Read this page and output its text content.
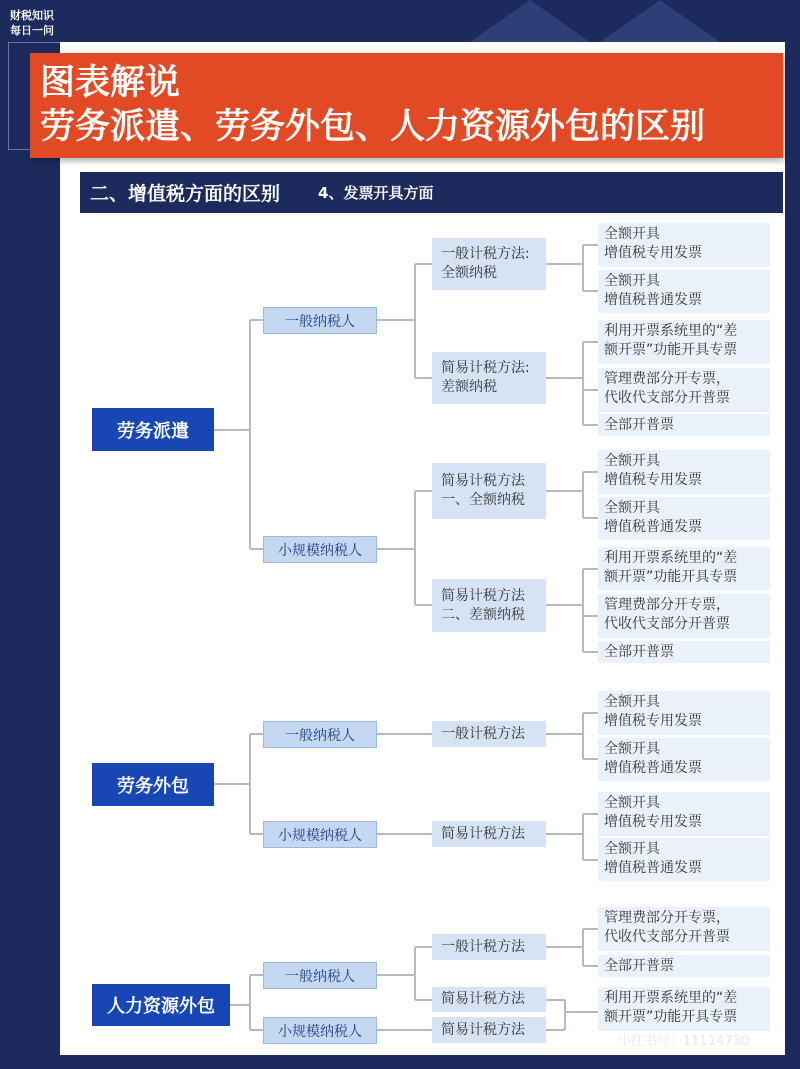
财税知识
每日一问
图表解说
劳务派遣、劳务外包、人力资源外包的区别
二、增值税方面的区别	4、发票开具方面
劳务派遣
一般纳税人
一般计税方法:
全额纳税
全额开具
增值税专用发票
全额开具
增值税普通发票
简易计税方法:
差额纳税
利用开票系统里的“差
额开票”功能开具专票
管理费部分开专票，
代收代支部分开普票
全部开普票
小规模纳税人
简易计税方法
一、全额纳税
全额开具
增值税专用发票
全额开具
增值税普通发票
简易计税方法
二、差额纳税
利用开票系统里的“差
额开票”功能开具专票
管理费部分开专票，
代收代支部分开普票
全部开普票
劳务外包
一般纳税人	一般计税方法
全额开具
增值税专用发票
全额开具
增值税普通发票
小规模纳税人	简易计税方法
全额开具
增值税专用发票
全额开具
增值税普通发票
人力资源外包
一般纳税人
一般计税方法
管理费部分开专票，
代收代支部分开普票
全部开普票
简易计税方法
小规模纳税人	简易计税方法
利用开票系统里的“差
额开票”功能开具专票
小红书号：11114730
